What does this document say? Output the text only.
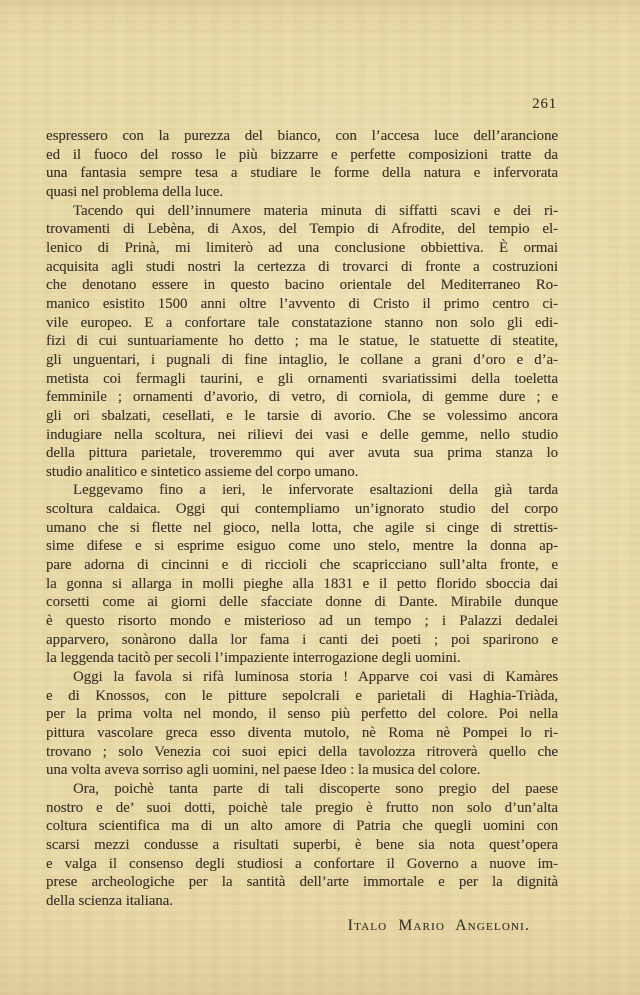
261
espressero con la purezza del bianco, con l’accesa luce dell’arancione
ed il fuoco del rosso le più bizzarre e perfette composizioni tratte da
una fantasia sempre tesa a studiare le forme della natura e infervorata
quasi nel problema della luce.
Tacendo qui dell’innumere materia minuta di siffatti scavi e dei ri-
trovamenti di Lebèna, di Axos, del Tempio di Afrodite, del tempio el-
lenico di Prinà, mi limiterò ad una conclusione obbiettiva. È ormai
acquisita agli studi nostri la certezza di trovarci di fronte a costruzioni
che denotano essere in questo bacino orientale del Mediterraneo Ro-
manico esistito 1500 anni oltre l’avvento di Cristo il primo centro ci-
vile europeo. E a confortare tale constatazione stanno non solo gli edi-
fizi di cui suntuariamente ho detto ; ma le statue, le statuette di steatite,
gli unguentari, i pugnali di fine intaglio, le collane a grani d’oro e d’a-
metista coi fermagli taurini, e gli ornamenti svariatissimi della toeletta
femminile ; ornamenti d’avorio, di vetro, di corniola, di gemme dure ; e
gli ori sbalzati, cesellati, e le tarsie di avorio. Che se volessimo ancora
indugiare nella scoltura, nei rilievi dei vasi e delle gemme, nello studio
della pittura parietale, troveremmo qui aver avuta sua prima stanza lo
studio analitico e sintetico assieme del corpo umano.
Leggevamo fino a ieri, le infervorate esaltazioni della già tarda
scoltura caldaica. Oggi qui contempliamo un’ignorato studio del corpo
umano che si flette nel gioco, nella lotta, che agile si cinge di strettis-
sime difese e si esprime esiguo come uno stelo, mentre la donna ap-
pare adorna di cincinni e di riccioli che scapricciano sull’alta fronte, e
la gonna si allarga in molli pieghe alla 1831 e il petto florido sboccia dai
corsetti come ai giorni delle sfacciate donne di Dante. Mirabile dunque
è questo risorto mondo e misterioso ad un tempo ; i Palazzi dedalei
apparvero, sonàrono dalla lor fama i canti dei poeti ; poi sparirono e
la leggenda tacitò per secoli l’impaziente interrogazione degli uomini.
Oggi la favola si rifà luminosa storia ! Apparve coi vasi di Kamàres
e di Knossos, con le pitture sepolcrali e parietali di Haghia-Triàda,
per la prima volta nel mondo, il senso più perfetto del colore. Poi nella
pittura vascolare greca esso diventa mutolo, nè Roma nè Pompei lo ri-
trovano ; solo Venezia coi suoi epici della tavolozza ritroverà quello che
una volta aveva sorriso agli uomini, nel paese Ideo : la musica del colore.
Ora, poichè tanta parte di tali discoperte sono pregio del paese
nostro e de’ suoi dotti, poichè tale pregio è frutto non solo d’un’alta
coltura scientifica ma di un alto amore di Patria che quegli uomini con
scarsi mezzi condusse a risultati superbi, è bene sia nota quest’opera
e valga il consenso degli studiosi a confortare il Governo a nuove im-
prese archeologiche per la santità dell’arte immortale e per la dignità
della scienza italiana.
Italo Mario Angeloni.
